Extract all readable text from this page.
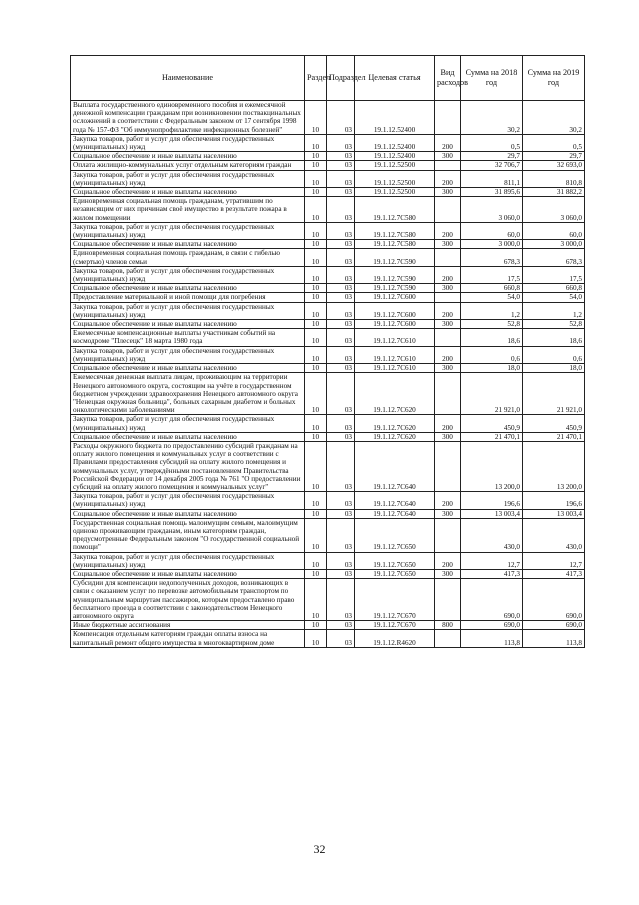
Наименование	Раздел	Подраздел	Целевая статья	Вид расходов	Сумма на 2018 год	Сумма на 2019 год
Выплата государственного единовременного пособия и ежемесячной денежной компенсации гражданам при возникновении поствакцинальных осложнений в соответствии с Федеральным законом от 17 сентября 1998 года № 157-ФЗ "Об иммунопрофилактике инфекционных болезней"	10	03	19.1.12.52400		30,2	30,2
Закупка товаров, работ и услуг для обеспечения государственных (муниципальных) нужд	10	03	19.1.12.52400	200	0,5	0,5
Социальное обеспечение и иные выплаты населению	10	03	19.1.12.52400	300	29,7	29,7
Оплата жилищно-коммунальных услуг отдельным категориям граждан	10	03	19.1.12.52500		32 706,7	32 693,0
Закупка товаров, работ и услуг для обеспечения государственных (муниципальных) нужд	10	03	19.1.12.52500	200	811,1	810,8
Социальное обеспечение и иные выплаты населению	10	03	19.1.12.52500	300	31 895,6	31 882,2
Единовременная социальная помощь гражданам, утратившим по независящим от них причинам своё имущество в результате пожара в жилом помещении	10	03	19.1.12.7С580		3 060,0	3 060,0
Закупка товаров, работ и услуг для обеспечения государственных (муниципальных) нужд	10	03	19.1.12.7С580	200	60,0	60,0
Социальное обеспечение и иные выплаты населению	10	03	19.1.12.7С580	300	3 000,0	3 000,0
Единовременная социальная помощь гражданам, в связи с гибелью (смертью) членов семьи	10	03	19.1.12.7С590		678,3	678,3
Закупка товаров, работ и услуг для обеспечения государственных (муниципальных) нужд	10	03	19.1.12.7С590	200	17,5	17,5
Социальное обеспечение и иные выплаты населению	10	03	19.1.12.7С590	300	660,8	660,8
Предоставление материальной и иной помощи для погребения	10	03	19.1.12.7С600		54,0	54,0
Закупка товаров, работ и услуг для обеспечения государственных (муниципальных) нужд	10	03	19.1.12.7С600	200	1,2	1,2
Социальное обеспечение и иные выплаты населению	10	03	19.1.12.7С600	300	52,8	52,8
Ежемесячные компенсационные выплаты участникам событий на космодроме "Плесецк" 18 марта 1980 года	10	03	19.1.12.7С610		18,6	18,6
Закупка товаров, работ и услуг для обеспечения государственных (муниципальных) нужд	10	03	19.1.12.7С610	200	0,6	0,6
Социальное обеспечение и иные выплаты населению	10	03	19.1.12.7С610	300	18,0	18,0
Ежемесячная денежная выплата лицам, проживающим на территории Ненецкого автономного округа, состоящим на учёте в государственном бюджетном учреждении здравоохранения Ненецкого автономного округа "Ненецкая окружная больница", больных сахарным диабетом и больных онкологическими заболеваниями	10	03	19.1.12.7С620		21 921,0	21 921,0
Закупка товаров, работ и услуг для обеспечения государственных (муниципальных) нужд	10	03	19.1.12.7С620	200	450,9	450,9
Социальное обеспечение и иные выплаты населению	10	03	19.1.12.7С620	300	21 470,1	21 470,1
Расходы окружного бюджета по предоставлению субсидий гражданам на оплату жилого помещения и коммунальных услуг в соответствии с Правилами предоставления субсидий на оплату жилого помещения и коммунальных услуг, утверждёнными постановлением Правительства Российской Федерации от 14 декабря 2005 года № 761 "О предоставлении субсидий на оплату жилого помещения и коммунальных услуг"	10	03	19.1.12.7С640		13 200,0	13 200,0
Закупка товаров, работ и услуг для обеспечения государственных (муниципальных) нужд	10	03	19.1.12.7С640	200	196,6	196,6
Социальное обеспечение и иные выплаты населению	10	03	19.1.12.7С640	300	13 003,4	13 003,4
Государственная социальная помощь малоимущим семьям, малоимущим одиноко проживающим гражданам, иным категориям граждан, предусмотренные Федеральным законом "О государственной социальной помощи"	10	03	19.1.12.7С650		430,0	430,0
Закупка товаров, работ и услуг для обеспечения государственных (муниципальных) нужд	10	03	19.1.12.7С650	200	12,7	12,7
Социальное обеспечение и иные выплаты населению	10	03	19.1.12.7С650	300	417,3	417,3
Субсидии для компенсации недополученных доходов, возникающих в связи с оказанием услуг по перевозке автомобильным транспортом по муниципальным маршрутам пассажиров, которым предоставлено право бесплатного проезда в соответствии с законодательством Ненецкого автономного округа	10	03	19.1.12.7С670		690,0	690,0
Иные бюджетные ассигнования	10	03	19.1.12.7С670	800	690,0	690,0
Компенсация отдельным категориям граждан оплаты взноса на капитальный ремонт общего имущества в многоквартирном доме	10	03	19.1.12.R4620		113,8	113,8
32
